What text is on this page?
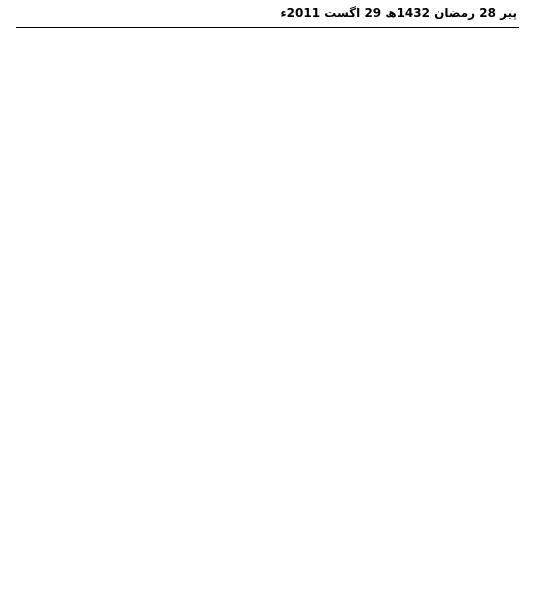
پیر 28 رمضان 1432ھ 29 اگست 2011ء
